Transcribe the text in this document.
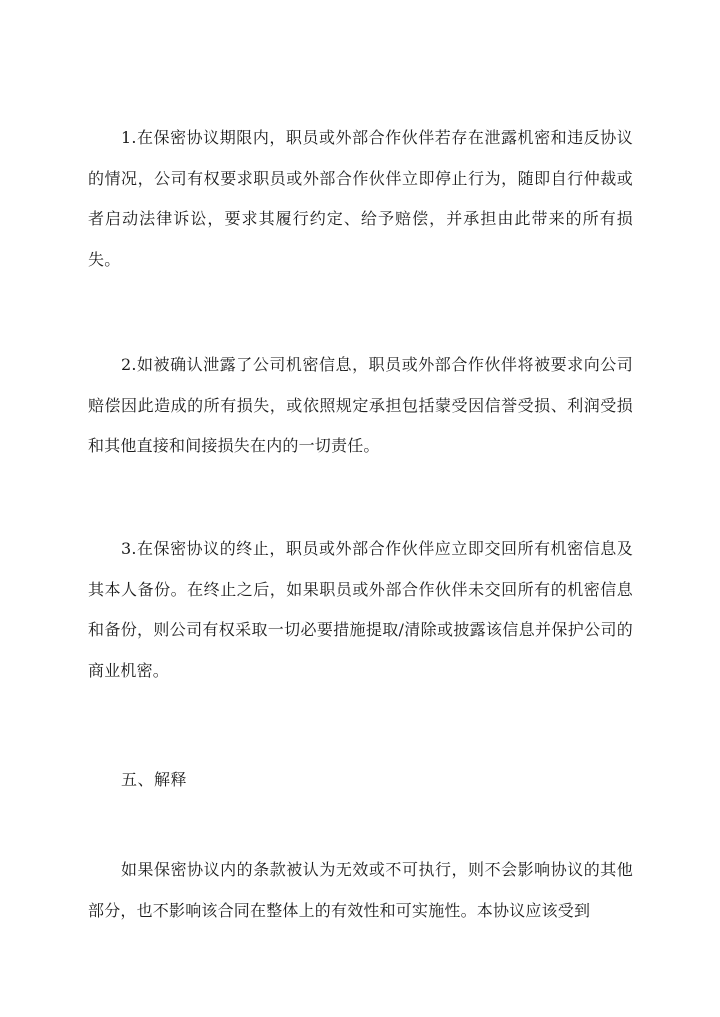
1.在保密协议期限内，职员或外部合作伙伴若存在泄露机密和违反协议的情况，公司有权要求职员或外部合作伙伴立即停止行为，随即自行仲裁或者启动法律诉讼，要求其履行约定、给予赔偿，并承担由此带来的所有损失。

2.如被确认泄露了公司机密信息，职员或外部合作伙伴将被要求向公司赔偿因此造成的所有损失，或依照规定承担包括蒙受因信誉受损、利润受损和其他直接和间接损失在内的一切责任。

3.在保密协议的终止，职员或外部合作伙伴应立即交回所有机密信息及其本人备份。在终止之后，如果职员或外部合作伙伴未交回所有的机密信息和备份，则公司有权采取一切必要措施提取/清除或披露该信息并保护公司的商业机密。

五、解释

如果保密协议内的条款被认为无效或不可执行，则不会影响协议的其他部分，也不影响该合同在整体上的有效性和可实施性。本协议应该受到
